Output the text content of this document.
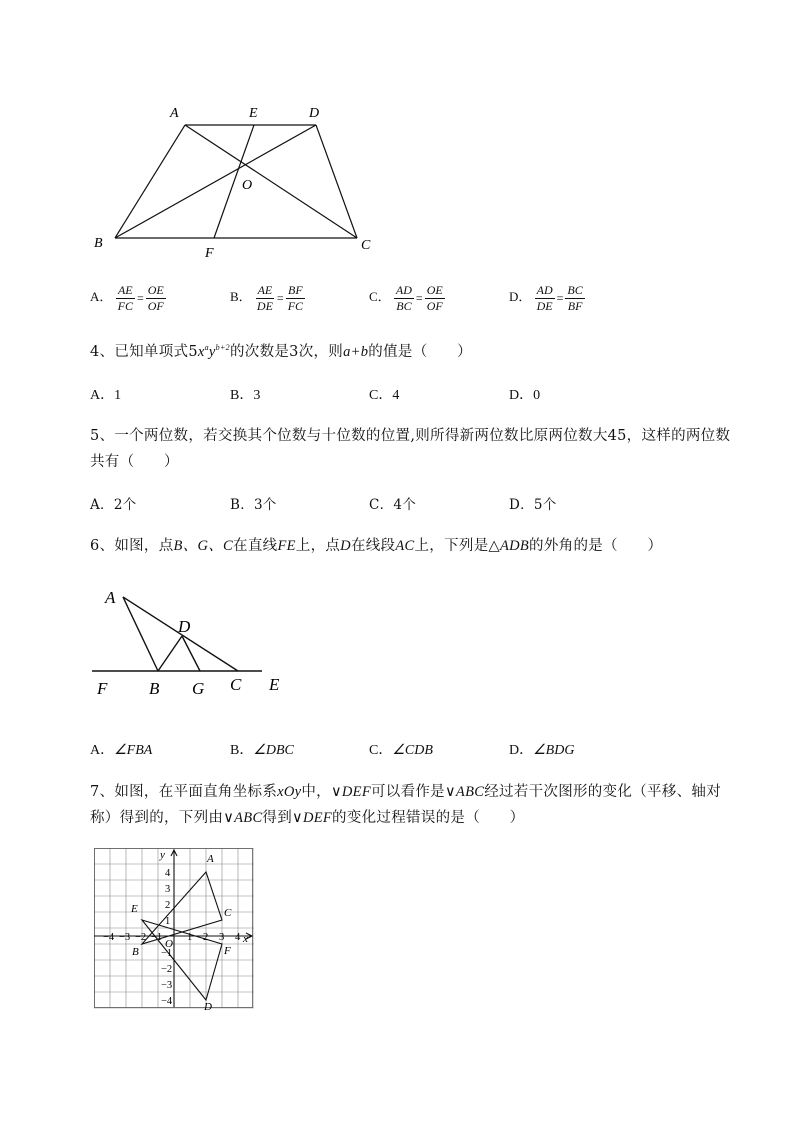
A	E	D
O
B
F
C
A． $\frac{AE}{FC} = \frac{OE}{OF}$	B． $\frac{AE}{DE} = \frac{BF}{FC}$	C． $\frac{AD}{BC} = \frac{OE}{OF}$	D． $\frac{AD}{DE} = \frac{BC}{BF}$
4、已知单项式$5x^ay^{b+2}$的次数是3次，则a+b的值是（　　）
A．1	B．3	C．4	D．0
5、一个两位数，若交换其个位数与十位数的位置,则所得新两位数比原两位数大45，这样的两位数
共有（　　）
A．2个	B．3个	C．4个	D．5个
6、如图，点B、G、C在直线FE上，点D在线段AC上，下列是△ADB的外角的是（　　）
A
D
F B G C E
A．∠FBA	B．∠DBC	C．∠CDB	D．∠BDG
7、如图，在平面直角坐标系xOy中，∨DEF可以看作是∨ABC经过若干次图形的变化（平移、轴对
称）得到的，下列由∨ABC得到∨DEF的变化过程错误的是（　　）
x
y
O
−4 −3 −2 −1 1 2 3 4
4
3
2
1
−1
−2
−3
−4
A
B
C
D
E
F
